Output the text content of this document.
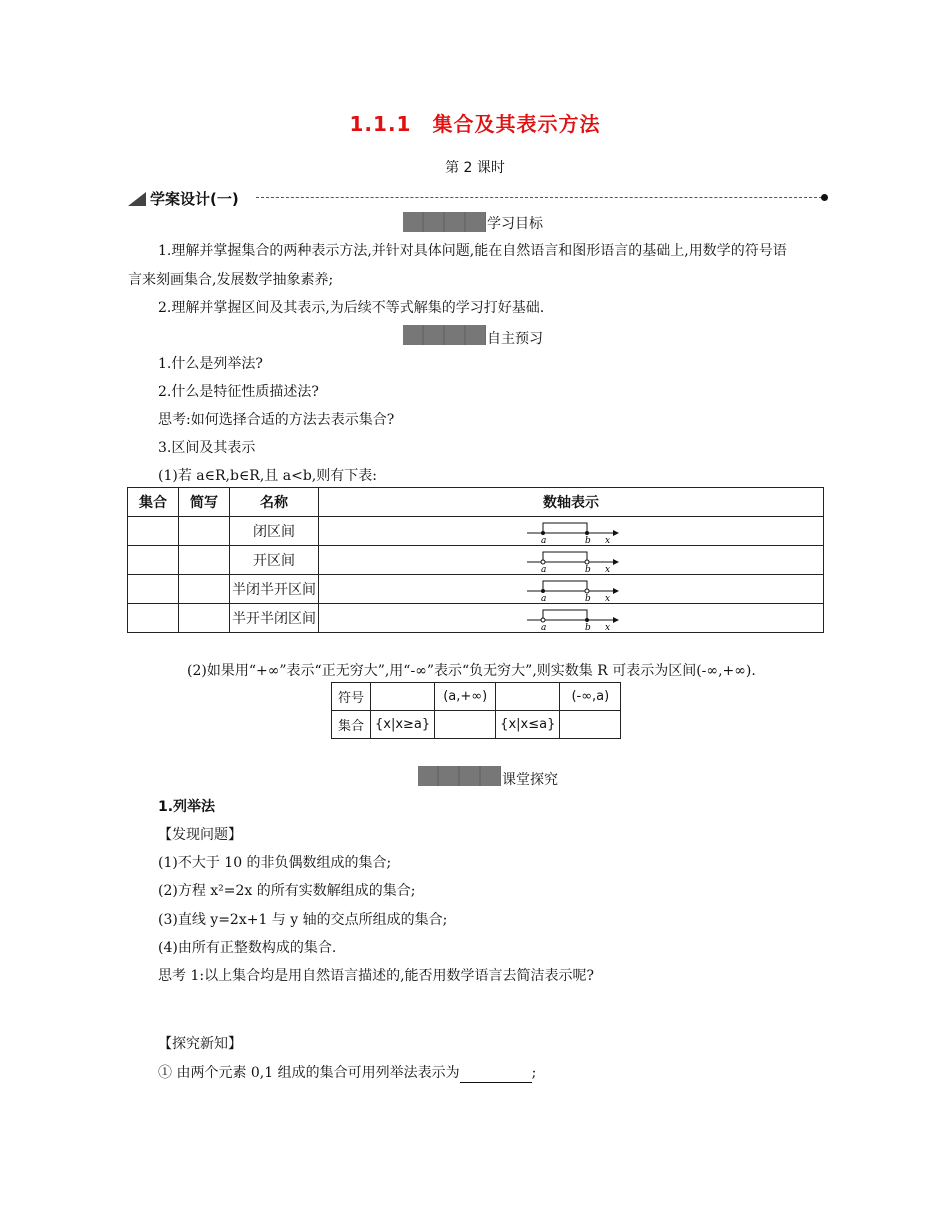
1.1.1　集合及其表示方法
第 2 课时
学案设计(一)
学习目标
1.理解并掌握集合的两种表示方法,并针对具体问题,能在自然语言和图形语言的基础上,用数学的符号语
言来刻画集合,发展数学抽象素养;
2.理解并掌握区间及其表示,为后续不等式解集的学习打好基础.
自主预习
1.什么是列举法?
2.什么是特征性质描述法?
思考:如何选择合适的方法去表示集合?
3.区间及其表示
(1)若 a∈R,b∈R,且 a<b,则有下表:
集合	简写	名称	数轴表示
		闭区间	a b x

		开区间	a b x

		半闭半开区间	a b x

		半开半闭区间	a b x
(2)如果用“+∞”表示“正无穷大”,用“-∞”表示“负无穷大”,则实数集 R 可表示为区间(-∞,+∞).
符号		(a,+∞)		(-∞,a)
集合	{x|x≥a}		{x|x≤a}	
课堂探究
1.列举法
【发现问题】
(1)不大于 10 的非负偶数组成的集合;
(2)方程 x²=2x 的所有实数解组成的集合;
(3)直线 y=2x+1 与 y 轴的交点所组成的集合;
(4)由所有正整数构成的集合.
思考 1:以上集合均是用自然语言描述的,能否用数学语言去简洁表示呢?
【探究新知】
① 由两个元素 0,1 组成的集合可用列举法表示为	;
